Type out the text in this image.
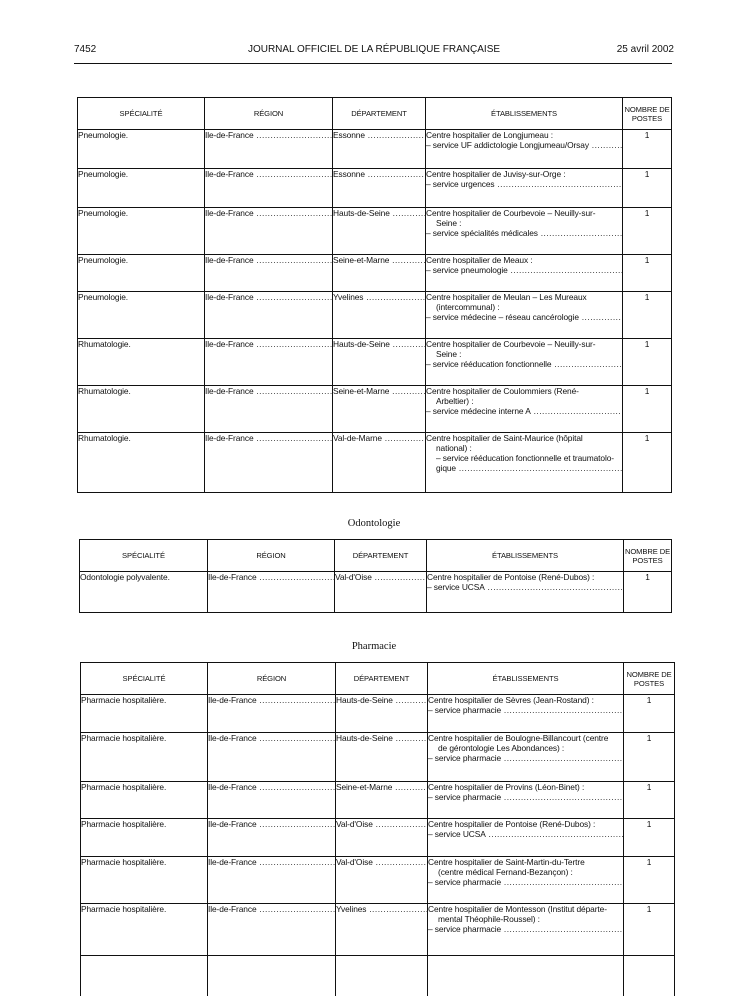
7452	JOURNAL OFFICIEL DE LA RÉPUBLIQUE FRANÇAISE	25 avril 2002
SPÉCIALITÉ	RÉGION	DÉPARTEMENT	ÉTABLISSEMENTS	NOMBRE DE
POSTES
Pneumologie.	Ile-de-France .....	Essonne .....	Centre hospitalier de Longjumeau :
– service UF addictologie Longjumeau/Orsay .....	1
Pneumologie.	Ile-de-France .....	Essonne .....	Centre hospitalier de Juvisy-sur-Orge :
– service urgences .....	1
Pneumologie.	Ile-de-France .....	Hauts-de-Seine .....	Centre hospitalier de Courbevoie – Neuilly-sur-
Seine :
– service spécialités médicales .....	1
Pneumologie.	Ile-de-France .....	Seine-et-Marne .....	Centre hospitalier de Meaux :
– service pneumologie .....	1
Pneumologie.	Ile-de-France .....	Yvelines .....	Centre hospitalier de Meulan – Les Mureaux
(intercommunal) :
– service médecine – réseau cancérologie .....	1
Rhumatologie.	Ile-de-France .....	Hauts-de-Seine .....	Centre hospitalier de Courbevoie – Neuilly-sur-
Seine :
– service rééducation fonctionnelle .....	1
Rhumatologie.	Ile-de-France .....	Seine-et-Marne .....	Centre hospitalier de Coulommiers (René-
Arbeltier) :
– service médecine interne A .....	1
Rhumatologie.	Ile-de-France .....	Val-de-Marne .....	Centre hospitalier de Saint-Maurice (hôpital
national) :
– service rééducation fonctionnelle et traumatolo-
gique .....	1
Odontologie
SPÉCIALITÉ	RÉGION	DÉPARTEMENT	ÉTABLISSEMENTS	NOMBRE DE
POSTES
Odontologie polyvalente.	Ile-de-France .....	Val-d'Oise .....	Centre hospitalier de Pontoise (René-Dubos) :
– service UCSA .....	1
Pharmacie
SPÉCIALITÉ	RÉGION	DÉPARTEMENT	ÉTABLISSEMENTS	NOMBRE DE
POSTES
Pharmacie hospitalière.	Ile-de-France .....	Hauts-de-Seine .....	Centre hospitalier de Sèvres (Jean-Rostand) :
– service pharmacie .....	1
Pharmacie hospitalière.	Ile-de-France .....	Hauts-de-Seine .....	Centre hospitalier de Boulogne-Billancourt (centre
de gérontologie Les Abondances) :
– service pharmacie .....	1
Pharmacie hospitalière.	Ile-de-France .....	Seine-et-Marne .....	Centre hospitalier de Provins (Léon-Binet) :
– service pharmacie .....	1
Pharmacie hospitalière.	Ile-de-France .....	Val-d'Oise .....	Centre hospitalier de Pontoise (René-Dubos) :
– service UCSA .....	1
Pharmacie hospitalière.	Ile-de-France .....	Val-d'Oise .....	Centre hospitalier de Saint-Martin-du-Tertre
(centre médical Fernand-Bezançon) :
– service pharmacie .....	1
Pharmacie hospitalière.	Ile-de-France .....	Yvelines .....	Centre hospitalier de Montesson (Institut départe-
mental Théophile-Roussel) :
– service pharmacie .....	1
